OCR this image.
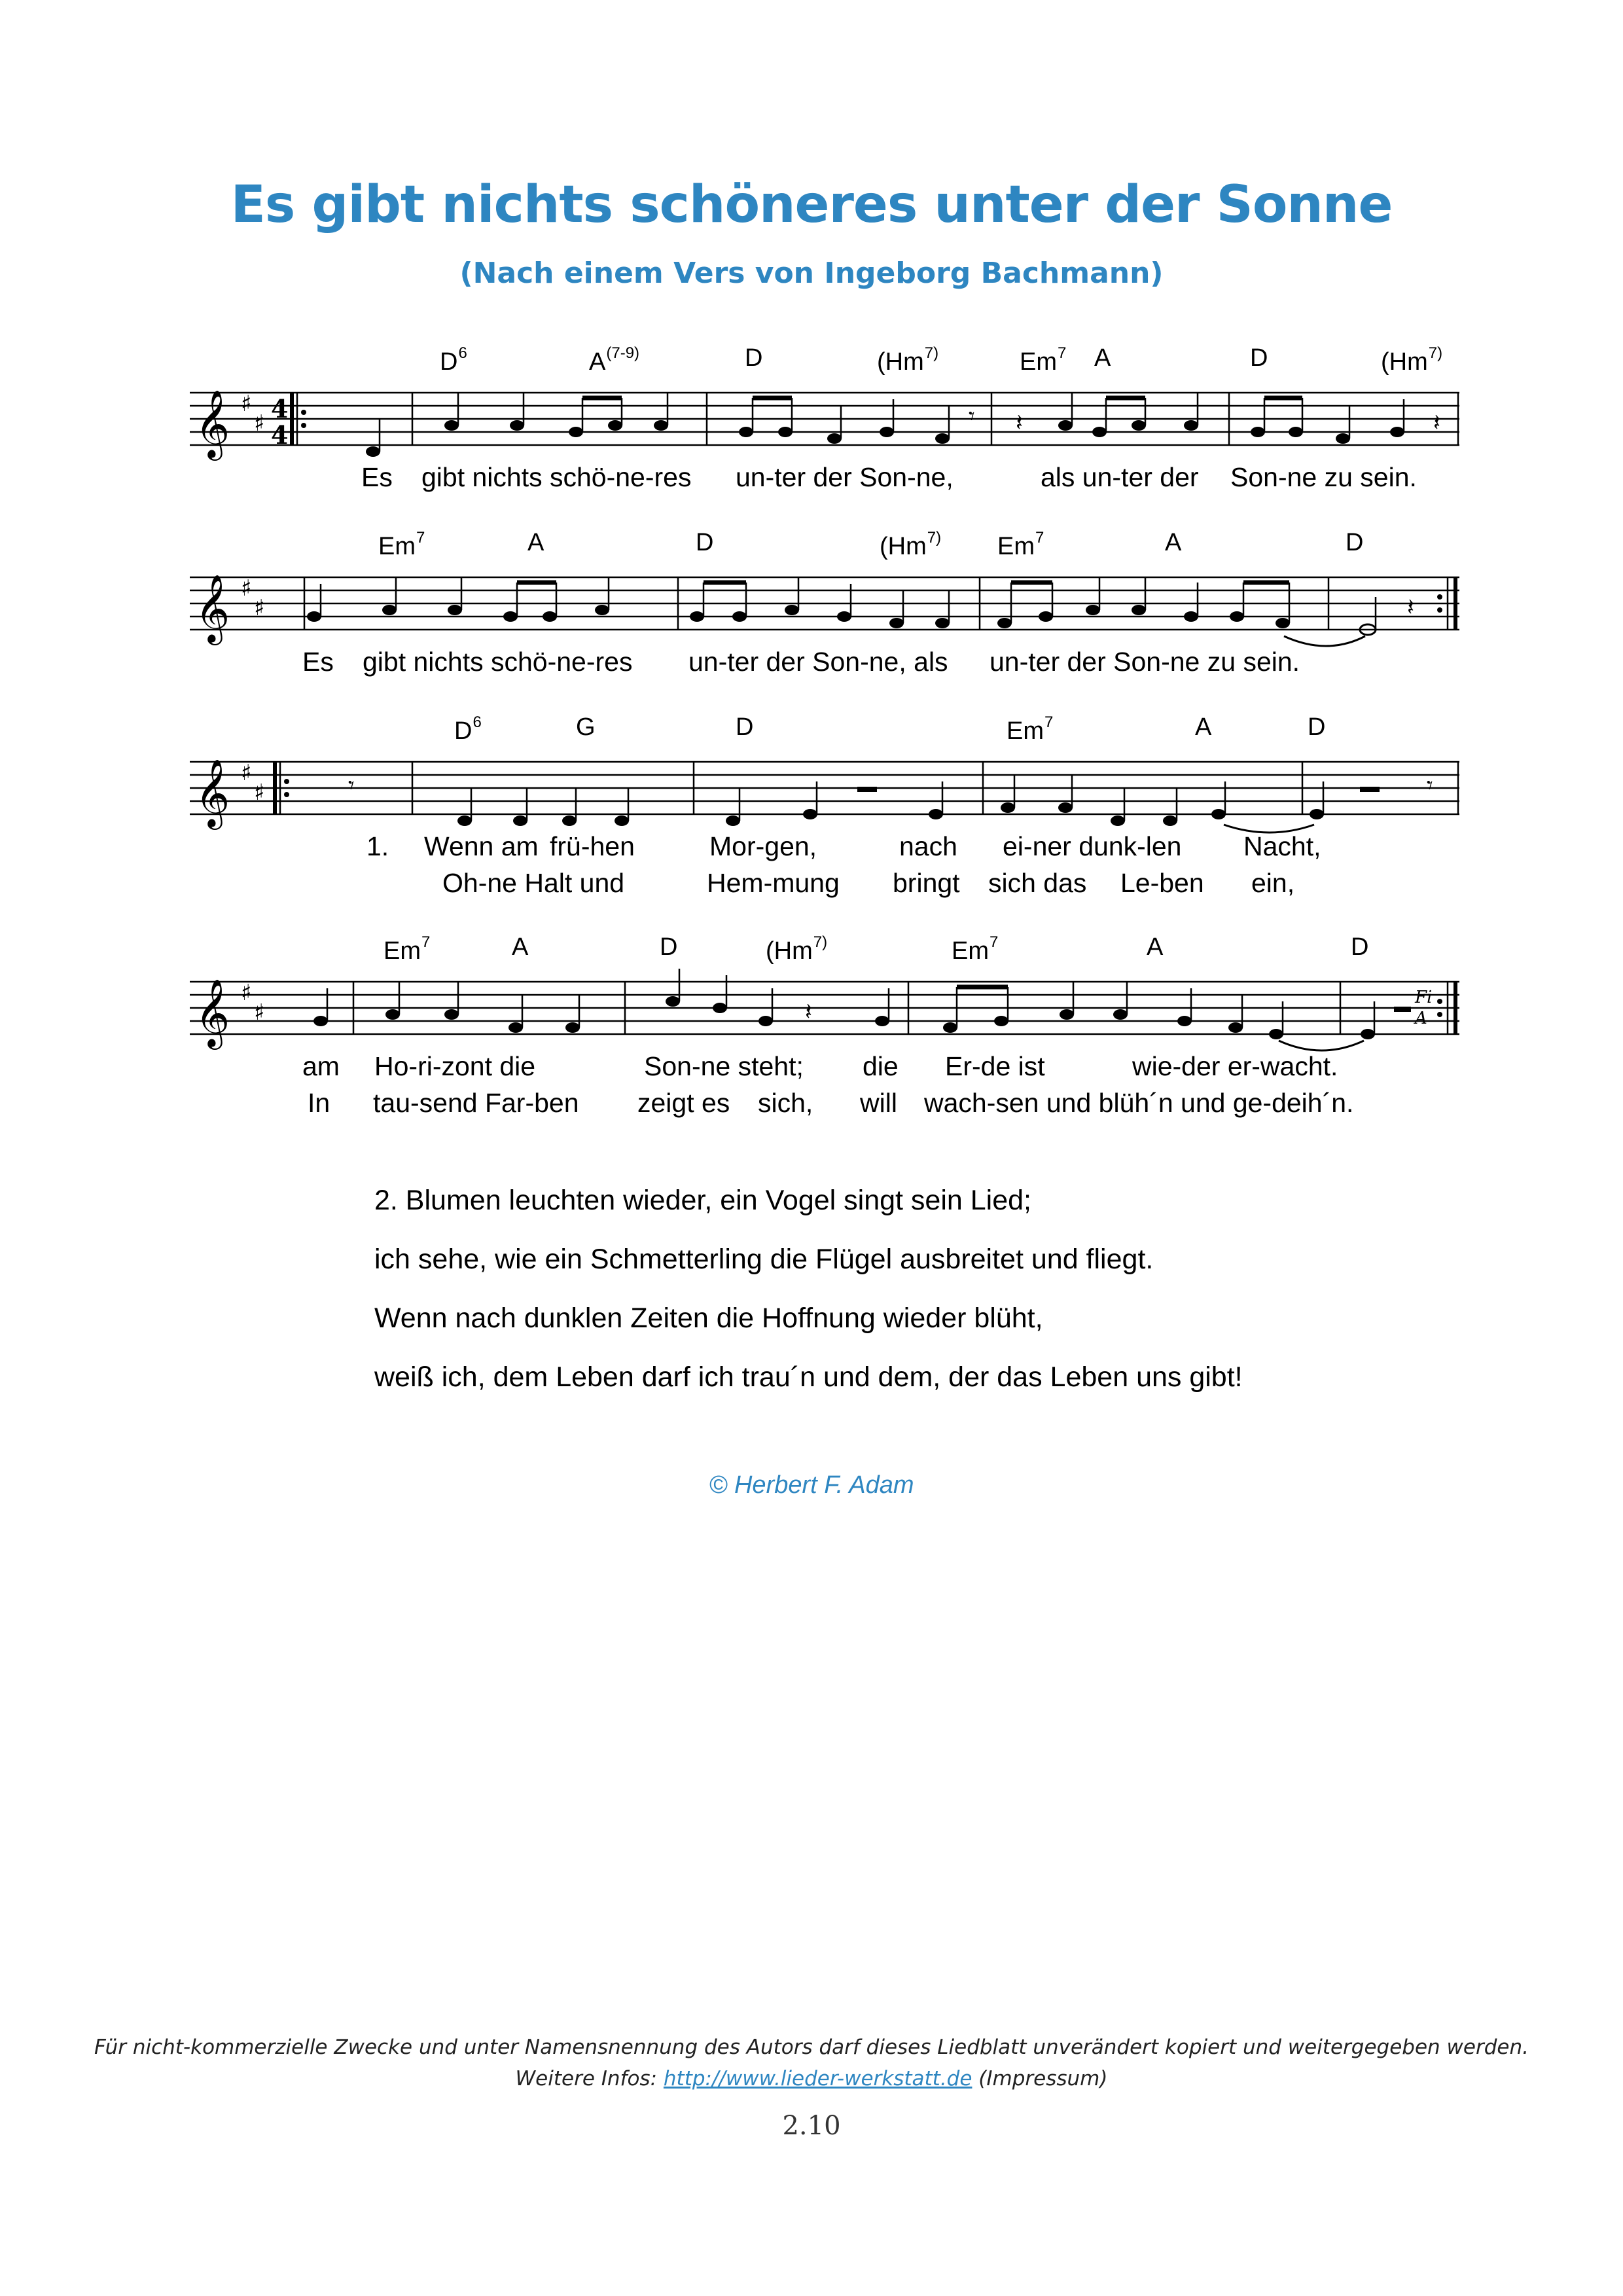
Es gibt nichts schöneres unter der Sonne
(Nach einem Vers von Ingeborg Bachmann)
$D^6$	$A^{(7-9)}$	D	(Hm$^{7)}$	Em$^7$ A	D	(Hm$^{7)}$
𝄞 ♯
♯ 4
4
𝄾 𝄽	𝄽
Es gibt nichts schö-ne-res un-ter der Son-ne,	als un-ter der Son-ne zu sein.
Em$^7$	A	D	(Hm$^{7)}$ Em$^7$	A	D
𝄞 ♯
♯	𝄽
Es gibt nichts schö-ne-res un-ter der Son-ne, als un-ter der Son-ne zu sein.
$D^6$	G	D	Em$^7$	A	D
𝄞 ♯
♯	𝄾	𝄾
1. Wenn am frü-hen	Mor-gen,	nach ei-ner dunk-len Nacht,
Oh-ne Halt und	Hem-mung bringt sich das Le-ben ein,
Em$^7$	A	D	(Hm$^{7)}$	Em$^7$	A	D
𝄞 ♯
♯
Fi
A
𝄽
am Ho-ri-zont die	Son-ne steht; die Er-de ist	wie-der er-wacht.
In tau-send Far-ben zeigt es sich, will wach-sen und blüh´n und ge-deih´n.
2. Blumen leuchten wieder, ein Vogel singt sein Lied;
ich sehe, wie ein Schmetterling die Flügel ausbreitet und fliegt.
Wenn nach dunklen Zeiten die Hoffnung wieder blüht,
weiß ich, dem Leben darf ich trau´n und dem, der das Leben uns gibt!
© Herbert F. Adam
Für nicht-kommerzielle Zwecke und unter Namensnennung des Autors darf dieses Liedblatt unverändert kopiert und weitergegeben werden.
Weitere Infos: http://www.lieder-werkstatt.de (Impressum)
2.10
